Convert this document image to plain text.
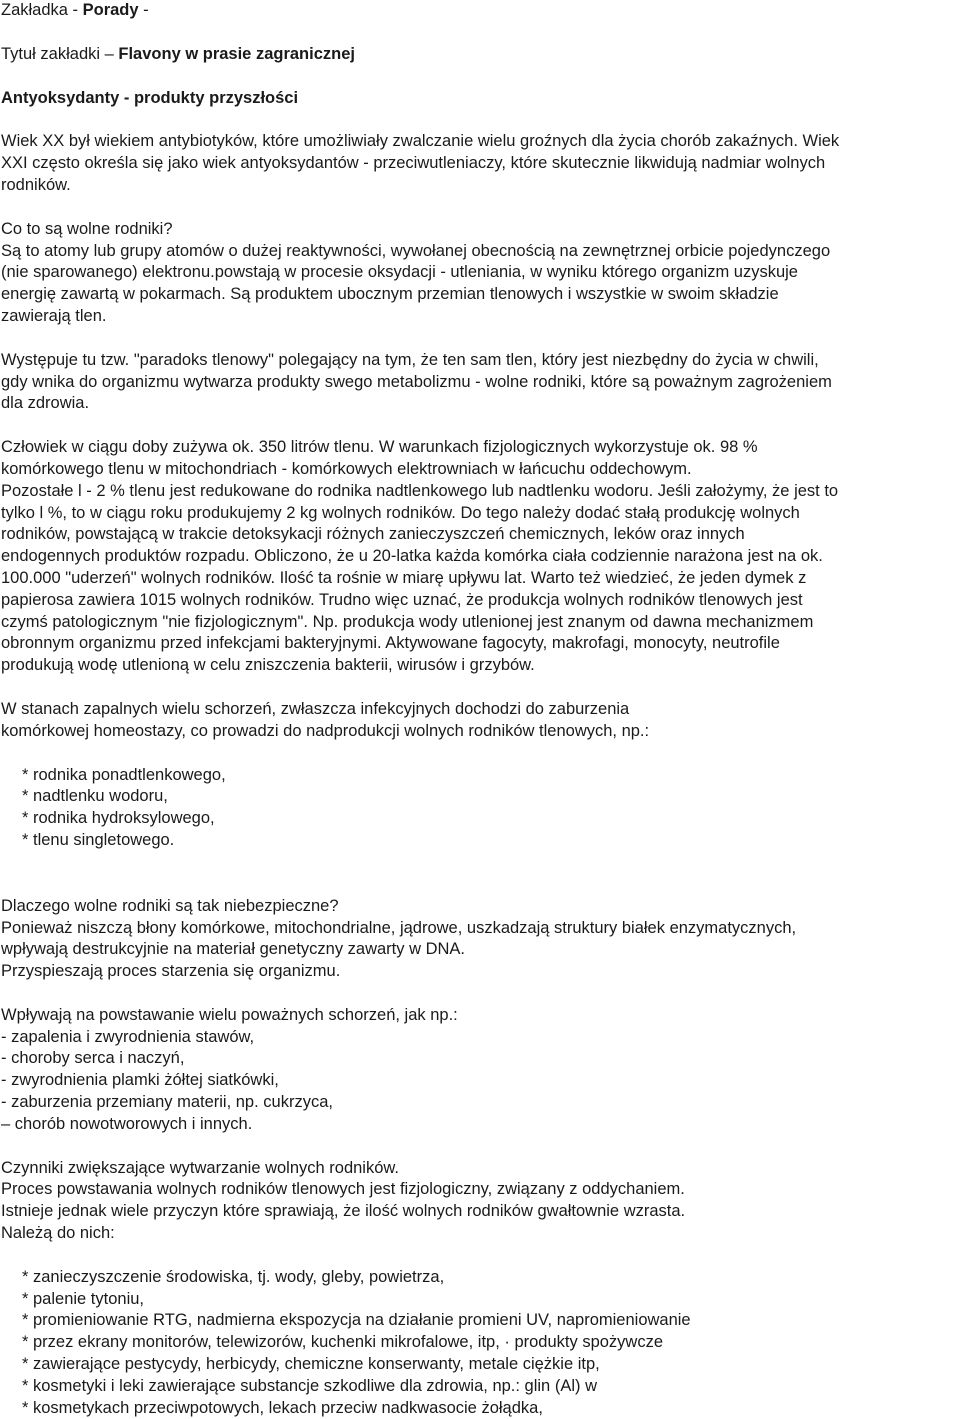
Zakładka - Porady -
Tytuł zakładki – Flavony w prasie zagranicznej
Antyoksydanty - produkty przyszłości
Wiek XX był wiekiem antybiotyków, które umożliwiały zwalczanie wielu groźnych dla życia chorób zakaźnych. Wiek
XXI często określa się jako wiek antyoksydantów - przeciwutleniaczy, które skutecznie likwidują nadmiar wolnych
rodników.
Co to są wolne rodniki?
Są to atomy lub grupy atomów o dużej reaktywności, wywołanej obecnością na zewnętrznej orbicie pojedynczego
(nie sparowanego) elektronu.powstają w procesie oksydacji - utleniania, w wyniku którego organizm uzyskuje
energię zawartą w pokarmach. Są produktem ubocznym przemian tlenowych i wszystkie w swoim składzie
zawierają tlen.
Występuje tu tzw. "paradoks tlenowy" polegający na tym, że ten sam tlen, który jest niezbędny do życia w chwili,
gdy wnika do organizmu wytwarza produkty swego metabolizmu - wolne rodniki, które są poważnym zagrożeniem
dla zdrowia.
Człowiek w ciągu doby zużywa ok. 350 litrów tlenu. W warunkach fizjologicznych wykorzystuje ok. 98 %
komórkowego tlenu w mitochondriach - komórkowych elektrowniach w łańcuchu oddechowym.
Pozostałe l - 2 % tlenu jest redukowane do rodnika nadtlenkowego lub nadtlenku wodoru. Jeśli założymy, że jest to
tylko l %, to w ciągu roku produkujemy 2 kg wolnych rodników. Do tego należy dodać stałą produkcję wolnych
rodników, powstającą w trakcie detoksykacji różnych zanieczyszczeń chemicznych, leków oraz innych
endogennych produktów rozpadu. Obliczono, że u 20-latka każda komórka ciała codziennie narażona jest na ok.
100.000 "uderzeń" wolnych rodników. Ilość ta rośnie w miarę upływu lat. Warto też wiedzieć, że jeden dymek z
papierosa zawiera 1015 wolnych rodników. Trudno więc uznać, że produkcja wolnych rodników tlenowych jest
czymś patologicznym "nie fizjologicznym". Np. produkcja wody utlenionej jest znanym od dawna mechanizmem
obronnym organizmu przed infekcjami bakteryjnymi. Aktywowane fagocyty, makrofagi, monocyty, neutrofile
produkują wodę utlenioną w celu zniszczenia bakterii, wirusów i grzybów.
W stanach zapalnych wielu schorzeń, zwłaszcza infekcyjnych dochodzi do zaburzenia
komórkowej homeostazy, co prowadzi do nadprodukcji wolnych rodników tlenowych, np.:
* rodnika ponadtlenkowego,
* nadtlenku wodoru,
* rodnika hydroksylowego,
* tlenu singletowego.
Dlaczego wolne rodniki są tak niebezpieczne?
Ponieważ niszczą błony komórkowe, mitochondrialne, jądrowe, uszkadzają struktury białek enzymatycznych,
wpływają destrukcyjnie na materiał genetyczny zawarty w DNA.
Przyspieszają proces starzenia się organizmu.
Wpływają na powstawanie wielu poważnych schorzeń, jak np.:
- zapalenia i zwyrodnienia stawów,
- choroby serca i naczyń,
- zwyrodnienia plamki żółtej siatkówki,
- zaburzenia przemiany materii, np. cukrzyca,
– chorób nowotworowych i innych.
Czynniki zwiększające wytwarzanie wolnych rodników.
Proces powstawania wolnych rodników tlenowych jest fizjologiczny, związany z oddychaniem.
Istnieje jednak wiele przyczyn które sprawiają, że ilość wolnych rodników gwałtownie wzrasta.
Należą do nich:
* zanieczyszczenie środowiska, tj. wody, gleby, powietrza,
* palenie tytoniu,
* promieniowanie RTG, nadmierna ekspozycja na działanie promieni UV, napromieniowanie
* przez ekrany monitorów, telewizorów, kuchenki mikrofalowe, itp, · produkty spożywcze
* zawierające pestycydy, herbicydy, chemiczne konserwanty, metale ciężkie itp,
* kosmetyki i leki zawierające substancje szkodliwe dla zdrowia, np.: glin (Al) w
* kosmetykach przeciwpotowych, lekach przeciw nadkwasocie żołądka,
